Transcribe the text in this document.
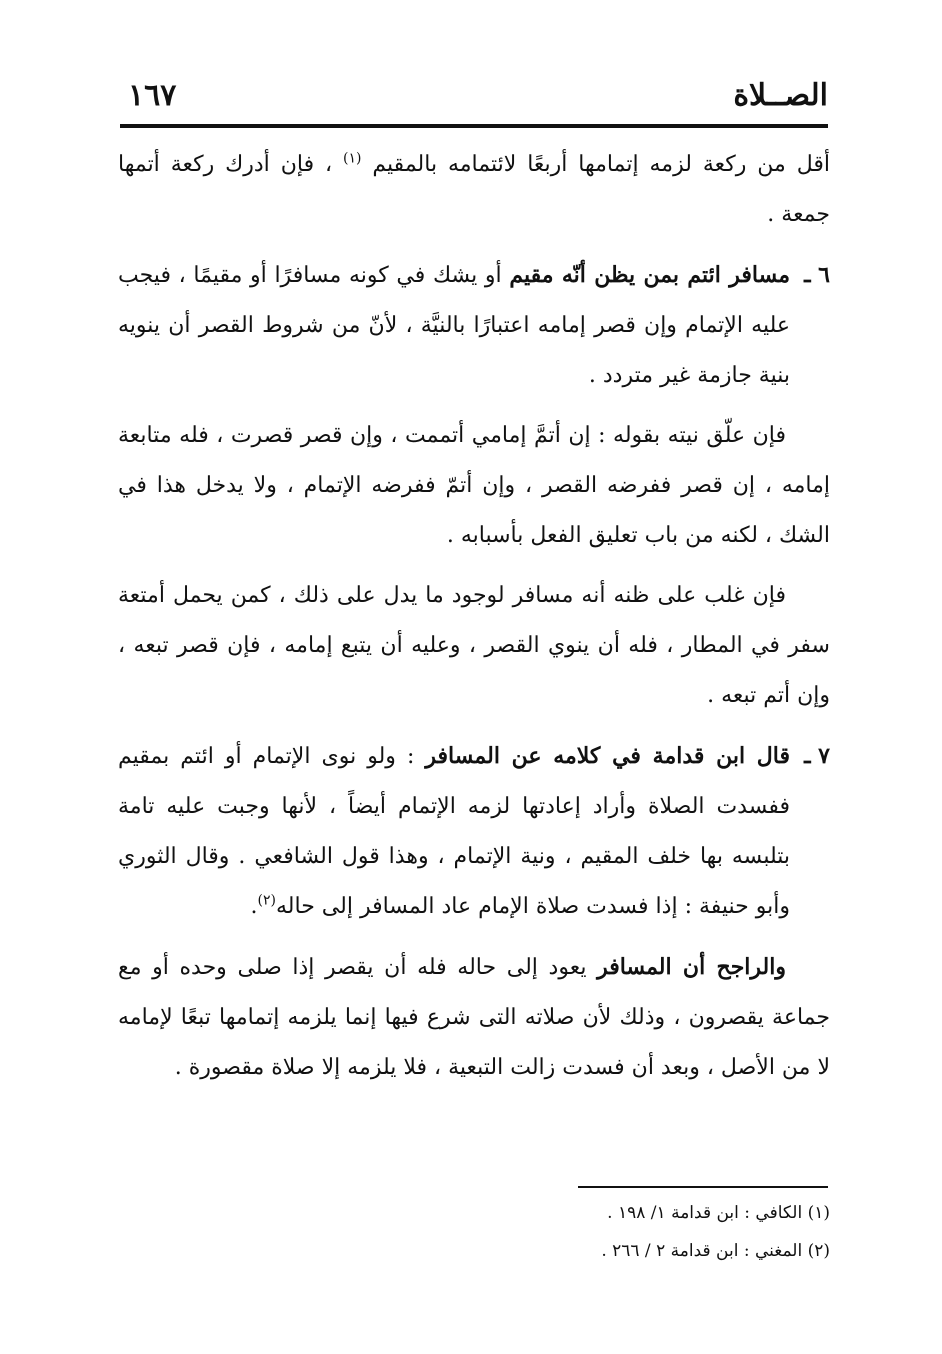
الصــلاة
١٦٧

أقل من ركعة لزمه إتمامها أربعًا لائتمامه بالمقيم $^{(١)}$ ، فإن أدرك ركعة أتمها جمعة .

٦ ـ
مسافر ائتم بمن يظن أنّه مقيم أو يشك في كونه مسافرًا أو مقيمًا ، فيجب عليه الإتمام وإن قصر إمامه اعتبارًا بالنيَّة ، لأنّ من شروط القصر أن ينويه بنية جازمة غير متردد .

فإن علّق نيته بقوله : إن أتمَّ إمامي أتممت ، وإن قصر قصرت ، فله متابعة إمامه ، إن قصر ففرضه القصر ، وإن أتمّ ففرضه الإتمام ، ولا يدخل هذا في الشك ، لكنه من باب تعليق الفعل بأسبابه .

فإن غلب على ظنه أنه مسافر لوجود ما يدل على ذلك ، كمن يحمل أمتعة سفر في المطار ، فله أن ينوي القصر ، وعليه أن يتبع إمامه ، فإن قصر تبعه ، وإن أتم تبعه .

٧ ـ
قال ابن قدامة في كلامه عن المسافر : ولو نوى الإتمام أو ائتم بمقيم ففسدت الصلاة وأراد إعادتها لزمه الإتمام أيضاً ، لأنها وجبت عليه تامة بتلبسه بها خلف المقيم ، ونية الإتمام ، وهذا قول الشافعي . وقال الثوري وأبو حنيفة : إذا فسدت صلاة الإمام عاد المسافر إلى حاله$^{(٢)}$.

والراجح أن المسافر يعود إلى حاله فله أن يقصر إذا صلى وحده أو مع جماعة يقصرون ، وذلك لأن صلاته التى شرع فيها إنما يلزمه إتمامها تبعًا لإمامه لا من الأصل ، وبعد أن فسدت زالت التبعية ، فلا يلزمه إلا صلاة مقصورة .

(١) الكافي : ابن قدامة ١/ ١٩٨ .

(٢) المغني : ابن قدامة ٢ / ٢٦٦ .
